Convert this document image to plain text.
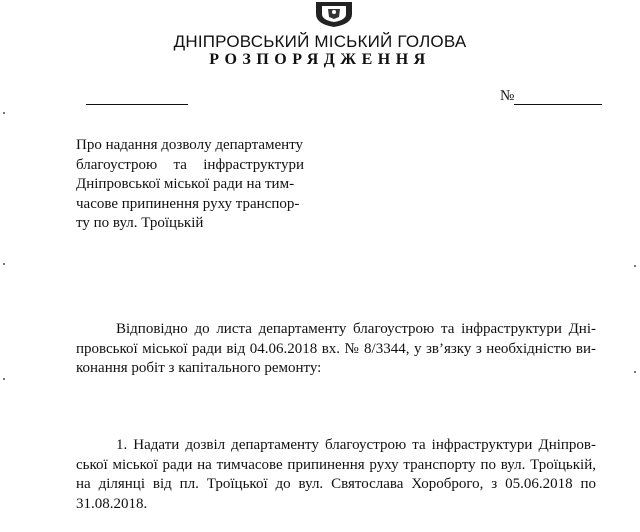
ДНІПРОВСЬКИЙ МІСЬКИЙ ГОЛОВА
РОЗПОРЯДЖЕННЯ
№
Про надання дозволу департаменту
благоустрою та інфраструктури
Дніпровської міської ради на тим-
часове припинення руху транспор-
ту по вул. Троїцькій
Відповідно до листа департаменту благоустрою та інфраструктури Дні-
провської міської ради від 04.06.2018 вх. № 8/3344, у зв’язку з необхідністю ви-
конання робіт з капітального ремонту:
1. Надати дозвіл департаменту благоустрою та інфраструктури Дніпров-
ської міської ради на тимчасове припинення руху транспорту по вул. Троїцькій,
на ділянці від пл. Троїцької до вул. Святослава Хороброго, з 05.06.2018 по
31.08.2018.
